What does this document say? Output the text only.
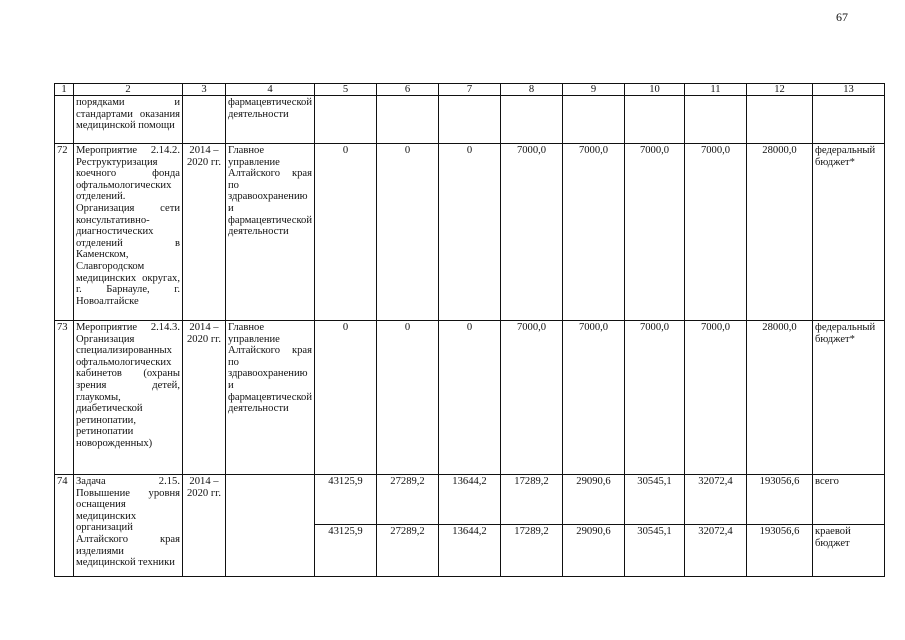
67
1	2	3	4	5	6	7	8	9	10	11	12	13
	порядками и стандартами оказания медицинской помощи		фармацевтической деятельности									
72	Мероприятие 2.14.2. Реструктуризация коечного фонда офтальмологических отделений. Организация сети консультативно-диагностических отделений в Каменском, Славгородском медицинских округах, г. Барнауле, г. Новоалтайске	2014 – 2020 гг.	Главное управление Алтайского края по здравоохранению и фармацевтической деятельности	0	0	0	7000,0	7000,0	7000,0	7000,0	28000,0	федеральный бюджет*
73	Мероприятие 2.14.3. Организация специализированных офтальмологических кабинетов (охраны зрения детей, глаукомы, диабетической ретинопатии, ретинопатии новорожденных)	2014 – 2020 гг.	Главное управление Алтайского края по здравоохранению и фармацевтической деятельности	0	0	0	7000,0	7000,0	7000,0	7000,0	28000,0	федеральный бюджет*
74	Задача 2.15. Повышение уровня оснащения медицинских организаций Алтайского края изделиями медицинской техники	2014 – 2020 гг.		43125,9	27289,2	13644,2	17289,2	29090,6	30545,1	32072,4	193056,6	всего
				43125,9	27289,2	13644,2	17289,2	29090,6	30545,1	32072,4	193056,6	краевой бюджет
